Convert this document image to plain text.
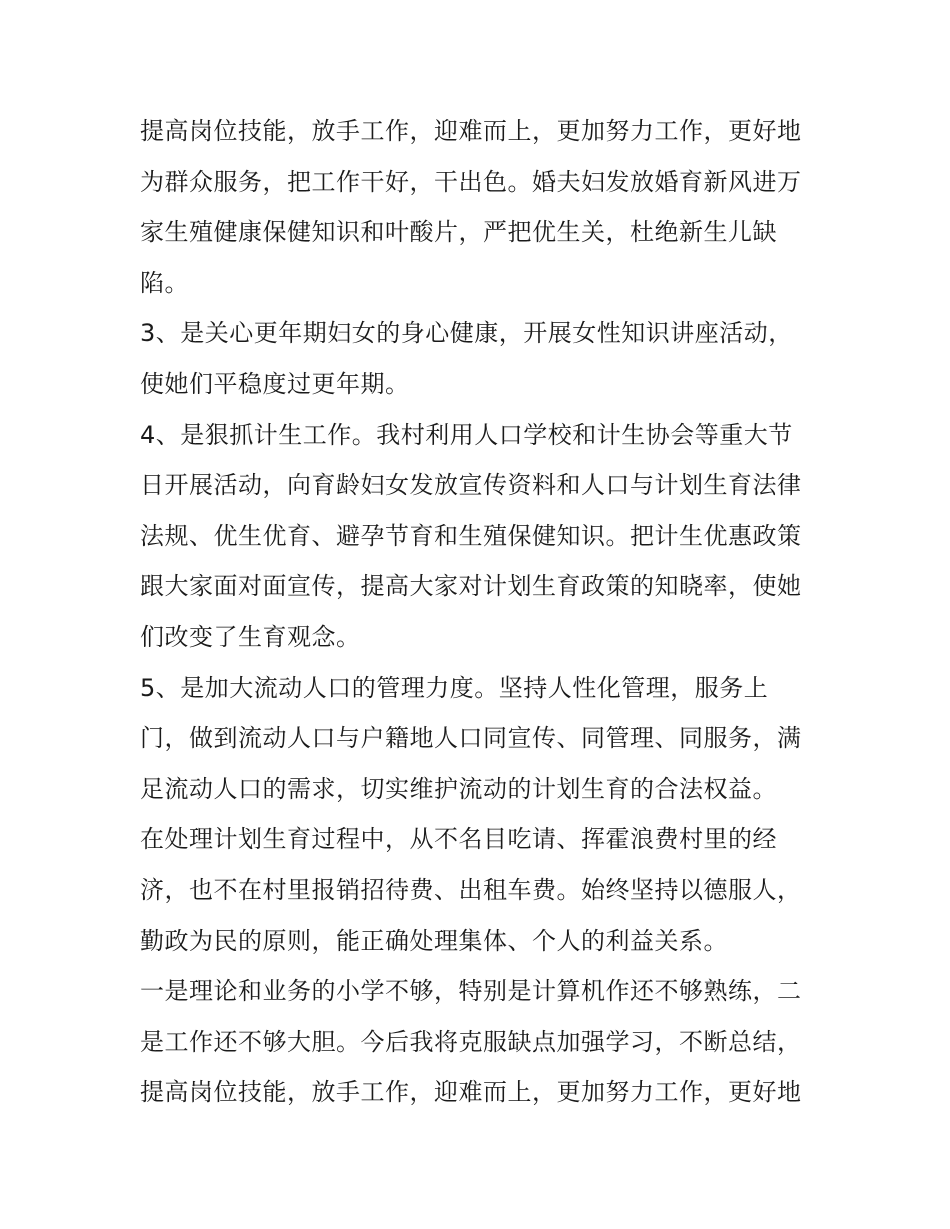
提高岗位技能，放手工作，迎难而上，更加努力工作，更好地
为群众服务，把工作干好，干出色。婚夫妇发放婚育新风进万
家生殖健康保健知识和叶酸片，严把优生关，杜绝新生儿缺
陷。
3、是关心更年期妇女的身心健康，开展女性知识讲座活动，
使她们平稳度过更年期。
4、是狠抓计生工作。我村利用人口学校和计生协会等重大节
日开展活动，向育龄妇女发放宣传资料和人口与计划生育法律
法规、优生优育、避孕节育和生殖保健知识。把计生优惠政策
跟大家面对面宣传，提高大家对计划生育政策的知晓率，使她
们改变了生育观念。
5、是加大流动人口的管理力度。坚持人性化管理，服务上
门，做到流动人口与户籍地人口同宣传、同管理、同服务，满
足流动人口的需求，切实维护流动的计划生育的合法权益。
在处理计划生育过程中，从不名目吃请、挥霍浪费村里的经
济，也不在村里报销招待费、出租车费。始终坚持以德服人，
勤政为民的原则，能正确处理集体、个人的利益关系。
一是理论和业务的小学不够，特别是计算机作还不够熟练，二
是工作还不够大胆。今后我将克服缺点加强学习，不断总结，
提高岗位技能，放手工作，迎难而上，更加努力工作，更好地
